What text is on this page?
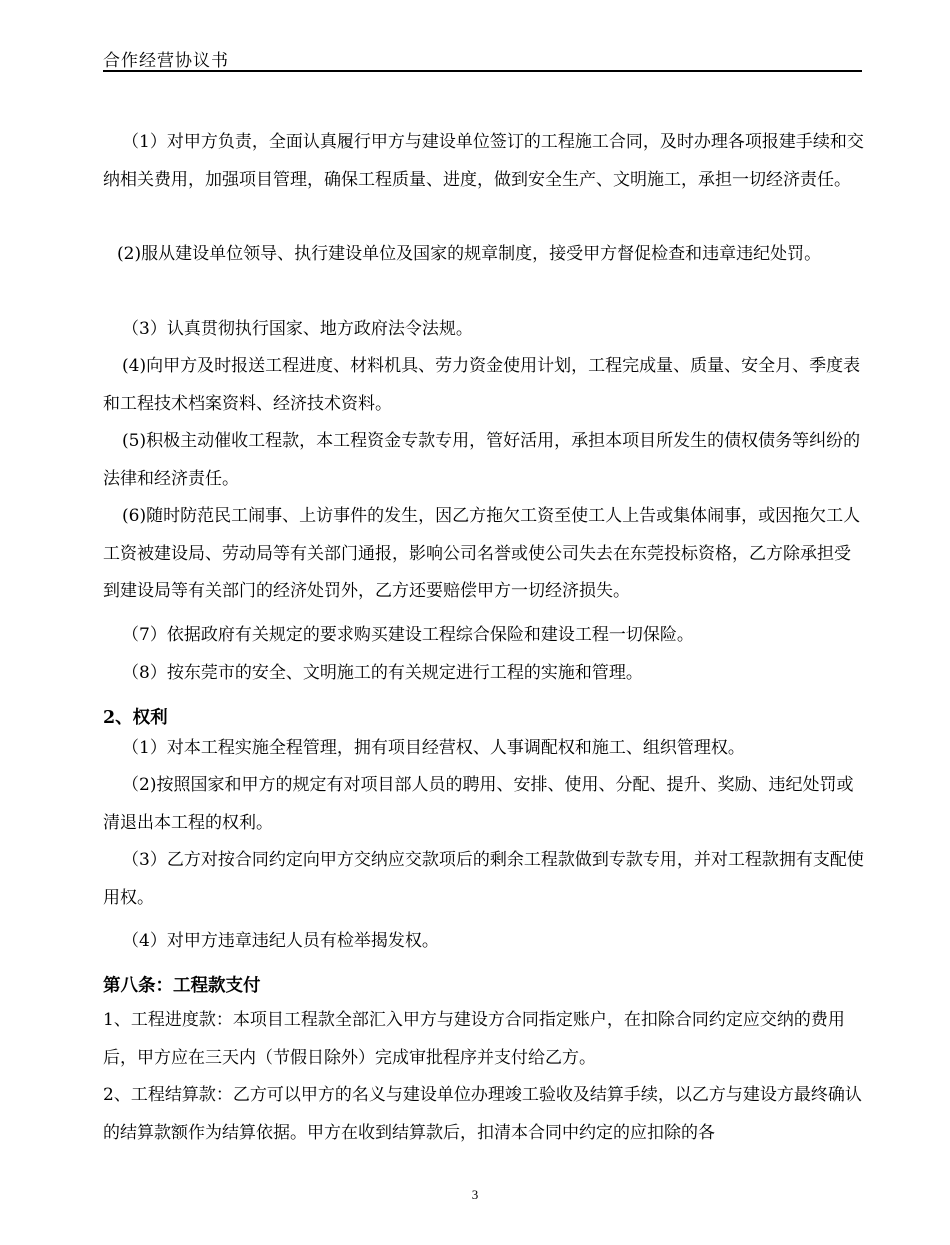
合作经营协议书

（1）对甲方负责，全面认真履行甲方与建设单位签订的工程施工合同，及时办理各项报建手续和交纳相关费用，加强项目管理，确保工程质量、进度，做到安全生产、文明施工，承担一切经济责任。

(2)服从建设单位领导、执行建设单位及国家的规章制度，接受甲方督促检查和违章违纪处罚。

（3）认真贯彻执行国家、地方政府法令法规。

(4)向甲方及时报送工程进度、材料机具、劳力资金使用计划，工程完成量、质量、安全月、季度表和工程技术档案资料、经济技术资料。

(5)积极主动催收工程款，本工程资金专款专用，管好活用，承担本项目所发生的债权债务等纠纷的法律和经济责任。

(6)随时防范民工闹事、上访事件的发生，因乙方拖欠工资至使工人上告或集体闹事，或因拖欠工人工资被建设局、劳动局等有关部门通报，影响公司名誉或使公司失去在东莞投标资格，乙方除承担受到建设局等有关部门的经济处罚外，乙方还要赔偿甲方一切经济损失。

（7）依据政府有关规定的要求购买建设工程综合保险和建设工程一切保险。

（8）按东莞市的安全、文明施工的有关规定进行工程的实施和管理。

2、权利

（1）对本工程实施全程管理，拥有项目经营权、人事调配权和施工、组织管理权。

（2)按照国家和甲方的规定有对项目部人员的聘用、安排、使用、分配、提升、奖励、违纪处罚或清退出本工程的权利。

（3）乙方对按合同约定向甲方交纳应交款项后的剩余工程款做到专款专用，并对工程款拥有支配使用权。

（4）对甲方违章违纪人员有检举揭发权。

第八条：工程款支付

1、工程进度款：本项目工程款全部汇入甲方与建设方合同指定账户，在扣除合同约定应交纳的费用后，甲方应在三天内（节假日除外）完成审批程序并支付给乙方。

2、工程结算款：乙方可以甲方的名义与建设单位办理竣工验收及结算手续，以乙方与建设方最终确认的结算款额作为结算依据。甲方在收到结算款后，扣清本合同中约定的应扣除的各

3
